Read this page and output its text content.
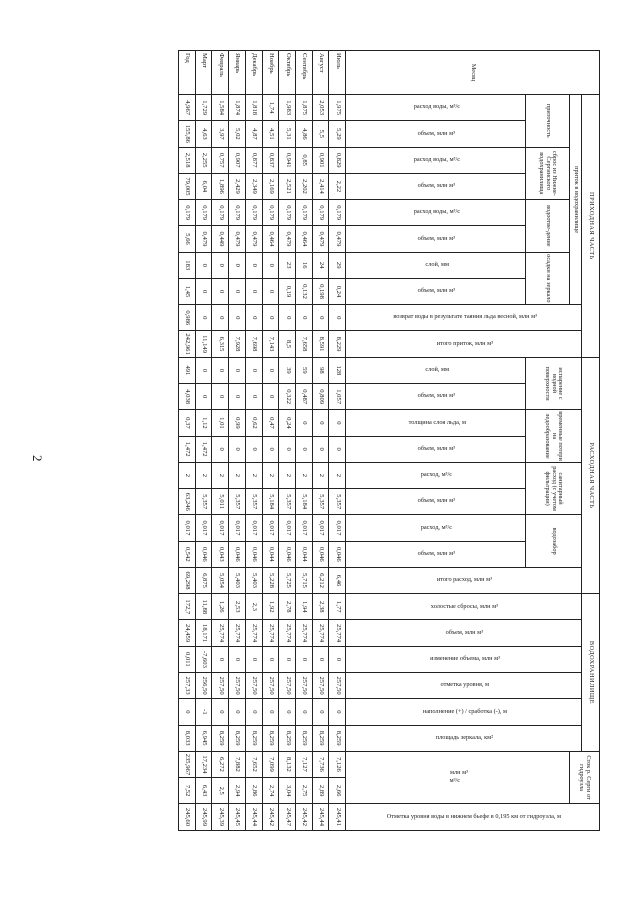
2
Месяц	ПРИХОДНАЯ ЧАСТЬ										РАСХОДНАЯ ЧАСТЬ									ВОДОХРАНИЛИЩЕ						Сток р. Серги от гидроузла		Отметка уровня воды в нижнем бьефе в 0,195 км от гидроузла, м
	приток в водохранилище								возврат воды в результате таяния льда весной, млн м³	итого приток, млн м³	испарение с водной поверхности		временные потери на ледообразование		санитарный расход (с учетом фильтрации)		водозабор		итого расход, млн м³	холостые сбросы, млн м³	объем, млн м³	изменение объема, млн м³	отметка уровня, м	наполнение (+) / сработка (-), м	площадь зеркала, км²			
	приточность		сброс из Нижне-Сергинского водохранилища		водоотве-дение		осадки на зеркало																			млн м³ м³/с		
	расход воды, м³/с	объем, млн м³	расход воды, м³/с	объем, млн м³	расход воды, м³/с	объем, млн м³	слой, мм	объем, млн м³			слой, мм	объем, млн м³	толщина слоя льда, м	объем, млн м³	расход, м³/с	объем, млн м³	расход, м³/с	объем, млн м³										
Июль	1,975	5,29	0,829	2,22	0,179	0,479	29	0,24	0	8,229	128	1,057	0	0	2	5,357	0,017	0,046	6,46	1,77	25,774	0	257,50	0	8,259	7,126	2,66	245,41
Август	2,053	5,5	0,901	2,414	0,179	0,479	24	0,198	0	8,591	98	0,809	0	0	2	5,357	0,017	0,046	6,212	2,38	25,774	0	257,50	0	8,259	7,736	2,89	245,44
Сентябрь	1,875	4,86	0,85	2,202	0,179	0,464	16	0,132	0	7,658	59	0,487	0	0	2	5,184	0,017	0,044	5,715	1,94	25,774	0	257,50	0	8,259	7,127	2,75	245,42
Октябрь	1,983	5,31	0,941	2,521	0,179	0,479	23	0,19	0	8,5	39	0,322	0,24	0	2	5,357	0,017	0,046	5,725	2,78	25,774	0	257,50	0	8,259	8,132	3,04	245,47
Ноябрь	1,74	4,51	0,837	2,169	0,179	0,464	0	0	0	7,143	0	0	0,47	0	2	5,184	0,017	0,044	5,228	1,92	25,774	0	257,50	0	8,259	7,099	2,74	245,42
Декабрь	1,818	4,87	0,877	2,349	0,179	0,479	0	0	0	7,698	0	0	0,62	0	2	5,357	0,017	0,046	5,403	2,3	25,774	0	257,50	0	8,259	7,652	2,86	245,44
Январь	1,874	5,02	0,907	2,429	0,179	0,479	0	0	0	7,928	0	0	0,99	0	2	5,357	0,017	0,046	5,403	2,53	25,774	0	257,50	0	8,259	7,882	2,94	245,45
Февраль	1,584	3,97	0,757	1,896	0,179	0,449	0	0	0	6,315	0	0	1,01	0	2	5,011	0,017	0,043	5,054	1,26	25,774	0	257,50	0	8,259	6,272	2,5	245,39
Март	1,729	4,63	2,255	6,04	0,179	0,479	0	0	0	11,149	0	0	1,12	1,472	2	5,357	0,017	0,046	6,875	11,88	18,171	-7,603	256,50	-1	6,945	17,234	6,43	245,99
Год	4,967	155,86	2,518	79,005	0,179	5,66	183	1,45	0,986	242,961	491	4,038	0,37	1,472	2	63,246	0,017	0,542	69,298	172,7	24,459	0,011	257,33	0	8,033	235,967	7,52	245,60
